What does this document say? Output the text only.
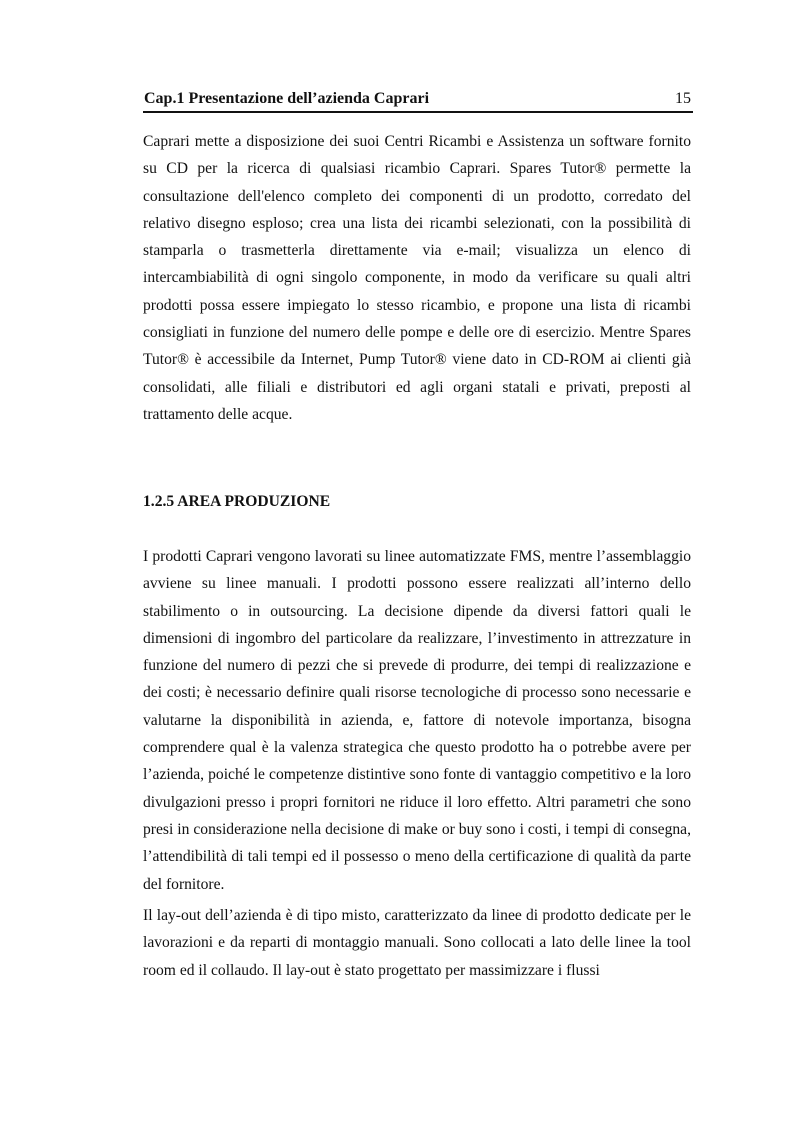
Cap.1 Presentazione dell’azienda Caprari	15

Caprari mette a disposizione dei suoi Centri Ricambi e Assistenza un software fornito su CD per la ricerca di qualsiasi ricambio Caprari. Spares Tutor® permette la consultazione dell'elenco completo dei componenti di un prodotto, corredato del relativo disegno esploso; crea una lista dei ricambi selezionati, con la possibilità di stamparla o trasmetterla direttamente via e-mail; visualizza un elenco di intercambiabilità di ogni singolo componente, in modo da verificare su quali altri prodotti possa essere impiegato lo stesso ricambio, e propone una lista di ricambi consigliati in funzione del numero delle pompe e delle ore di esercizio. Mentre Spares Tutor® è accessibile da Internet, Pump Tutor® viene dato in CD-ROM ai clienti già consolidati, alle filiali e distributori ed agli organi statali e privati, preposti al trattamento delle acque.

1.2.5 AREA PRODUZIONE

I prodotti Caprari vengono lavorati su linee automatizzate FMS, mentre l’assemblaggio avviene su linee manuali. I prodotti possono essere realizzati all’interno dello stabilimento o in outsourcing. La decisione dipende da diversi fattori quali le dimensioni di ingombro del particolare da realizzare, l’investimento in attrezzature in funzione del numero di pezzi che si prevede di produrre, dei tempi di realizzazione e dei costi; è necessario definire quali risorse tecnologiche di processo sono necessarie e valutarne la disponibilità in azienda, e, fattore di notevole importanza, bisogna comprendere qual è la valenza strategica che questo prodotto ha o potrebbe avere per l’azienda, poiché le competenze distintive sono fonte di vantaggio competitivo e la loro divulgazioni presso i propri fornitori ne riduce il loro effetto. Altri parametri che sono presi in considerazione nella decisione di make or buy sono i costi, i tempi di consegna, l’attendibilità di tali tempi ed il possesso o meno della certificazione di qualità da parte del fornitore.

Il lay-out dell’azienda è di tipo misto, caratterizzato da linee di prodotto dedicate per le lavorazioni e da reparti di montaggio manuali. Sono collocati a lato delle linee la tool room ed il collaudo. Il lay-out è stato progettato per massimizzare i flussi
